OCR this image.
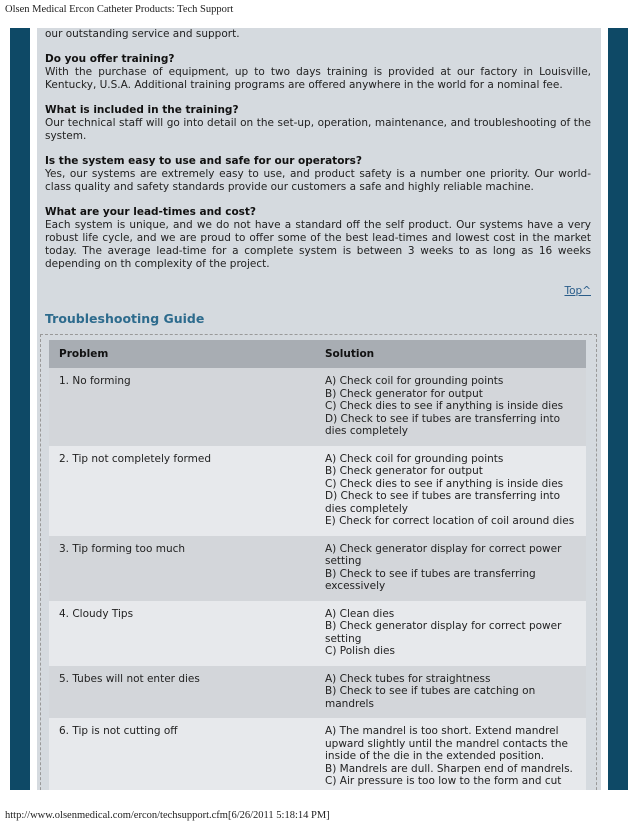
Olsen Medical Ercon Catheter Products: Tech Support

our outstanding service and support.

Do you offer training?

With the purchase of equipment, up to two days training is provided at our factory in Louisville, Kentucky, U.S.A. Additional training programs are offered anywhere in the world for a nominal fee.

What is included in the training?

Our technical staff will go into detail on the set-up, operation, maintenance, and troubleshooting of the system.

Is the system easy to use and safe for our operators?

Yes, our systems are extremely easy to use, and product safety is a number one priority. Our world-class quality and safety standards provide our customers a safe and highly reliable machine.

What are your lead-times and cost?

Each system is unique, and we do not have a standard off the self product. Our systems have a very robust life cycle, and we are proud to offer some of the best lead-times and lowest cost in the market today. The average lead-time for a complete system is between 3 weeks to as long as 16 weeks depending on th complexity of the project.

Top^
Troubleshooting Guide
Problem	Solution
1. No forming	A) Check coil for grounding points
B) Check generator for output
C) Check dies to see if anything is inside dies
D) Check to see if tubes are transferring into dies completely

2. Tip not completely formed	A) Check coil for grounding points
B) Check generator for output
C) Check dies to see if anything is inside dies
D) Check to see if tubes are transferring into dies completely
E) Check for correct location of coil around dies

3. Tip forming too much	A) Check generator display for correct power setting
B) Check to see if tubes are transferring excessively

4. Cloudy Tips	A) Clean dies
B) Check generator display for correct power setting
C) Polish dies

5. Tubes will not enter dies	A) Check tubes for straightness
B) Check to see if tubes are catching on mandrels

6. Tip is not cutting off	A) The mandrel is too short. Extend mandrel upward slightly until the mandrel contacts the inside of the die in the extended position.
B) Mandrels are dull. Sharpen end of mandrels.
C) Air pressure is too low to the form and cut
http://www.olsenmedical.com/ercon/techsupport.cfm[6/26/2011 5:18:14 PM]
